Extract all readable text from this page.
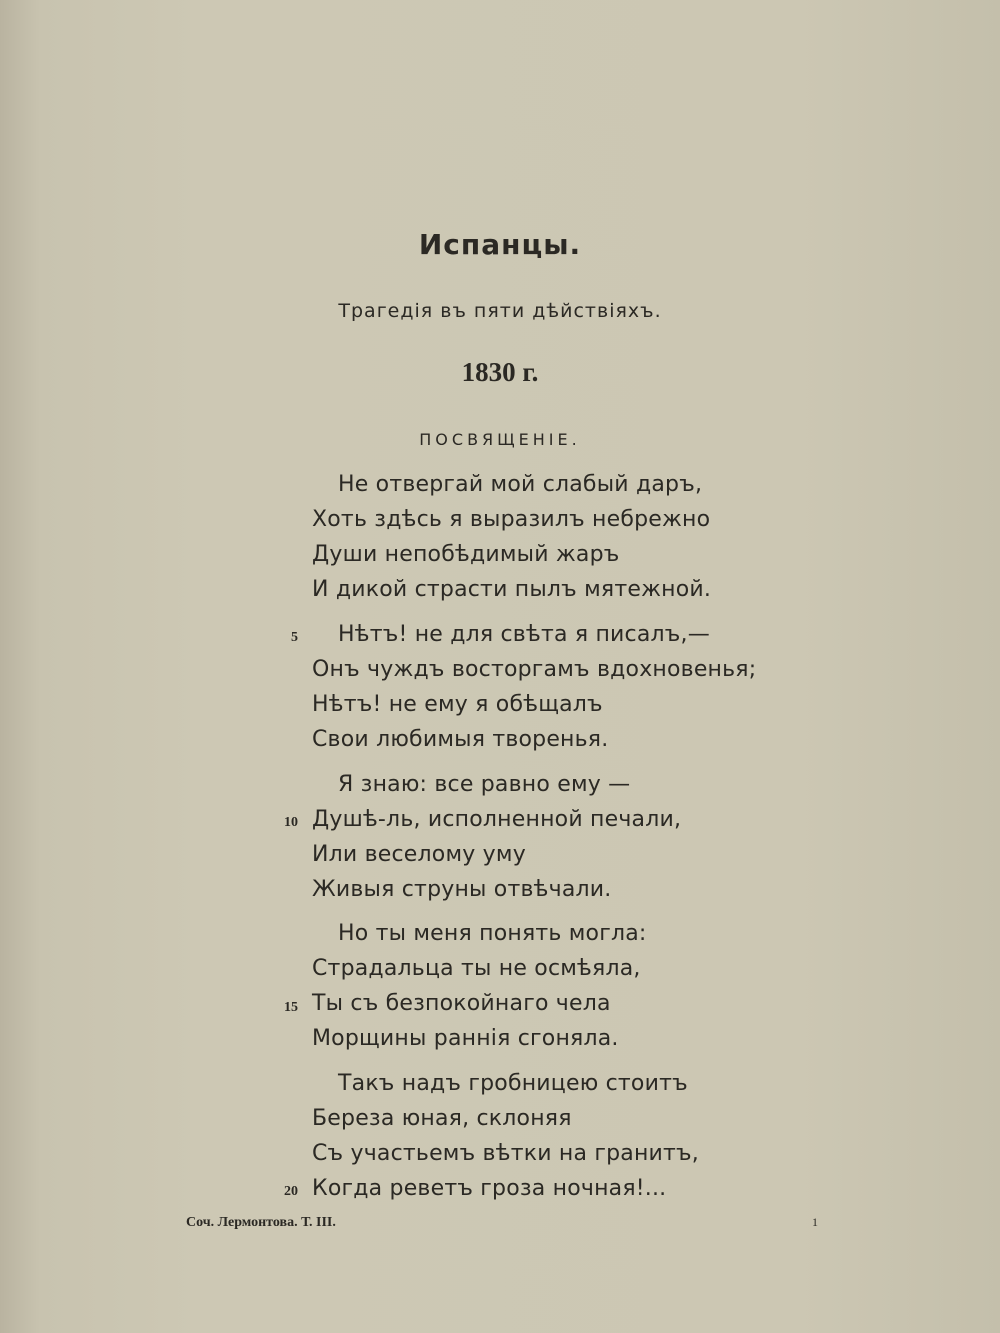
Испанцы.
Трагедія въ пяти дѣйствіяхъ.
1830 г.
ПОСВЯЩЕНІЕ.
Не отвергай мой слабый даръ,
Хоть здѣсь я выразилъ небрежно
Души непобѣдимый жаръ
И дикой страсти пылъ мятежной.
5 Нѣтъ! не для свѣта я писалъ,—
Онъ чуждъ восторгамъ вдохновенья;
Нѣтъ! не ему я обѣщалъ
Свои любимыя творенья.
Я знаю: все равно ему —
10 Душѣ-ль, исполненной печали,
Или веселому уму
Живыя струны отвѣчали.
Но ты меня понять могла:
Страдальца ты не осмѣяла,
15 Ты съ безпокойнаго чела
Морщины раннія сгоняла.
Такъ надъ гробницею стоитъ
Береза юная, склоняя
Съ участьемъ вѣтки на гранитъ,
20 Когда реветъ гроза ночная!...
Соч. Лермонтова. Т. III.	1
